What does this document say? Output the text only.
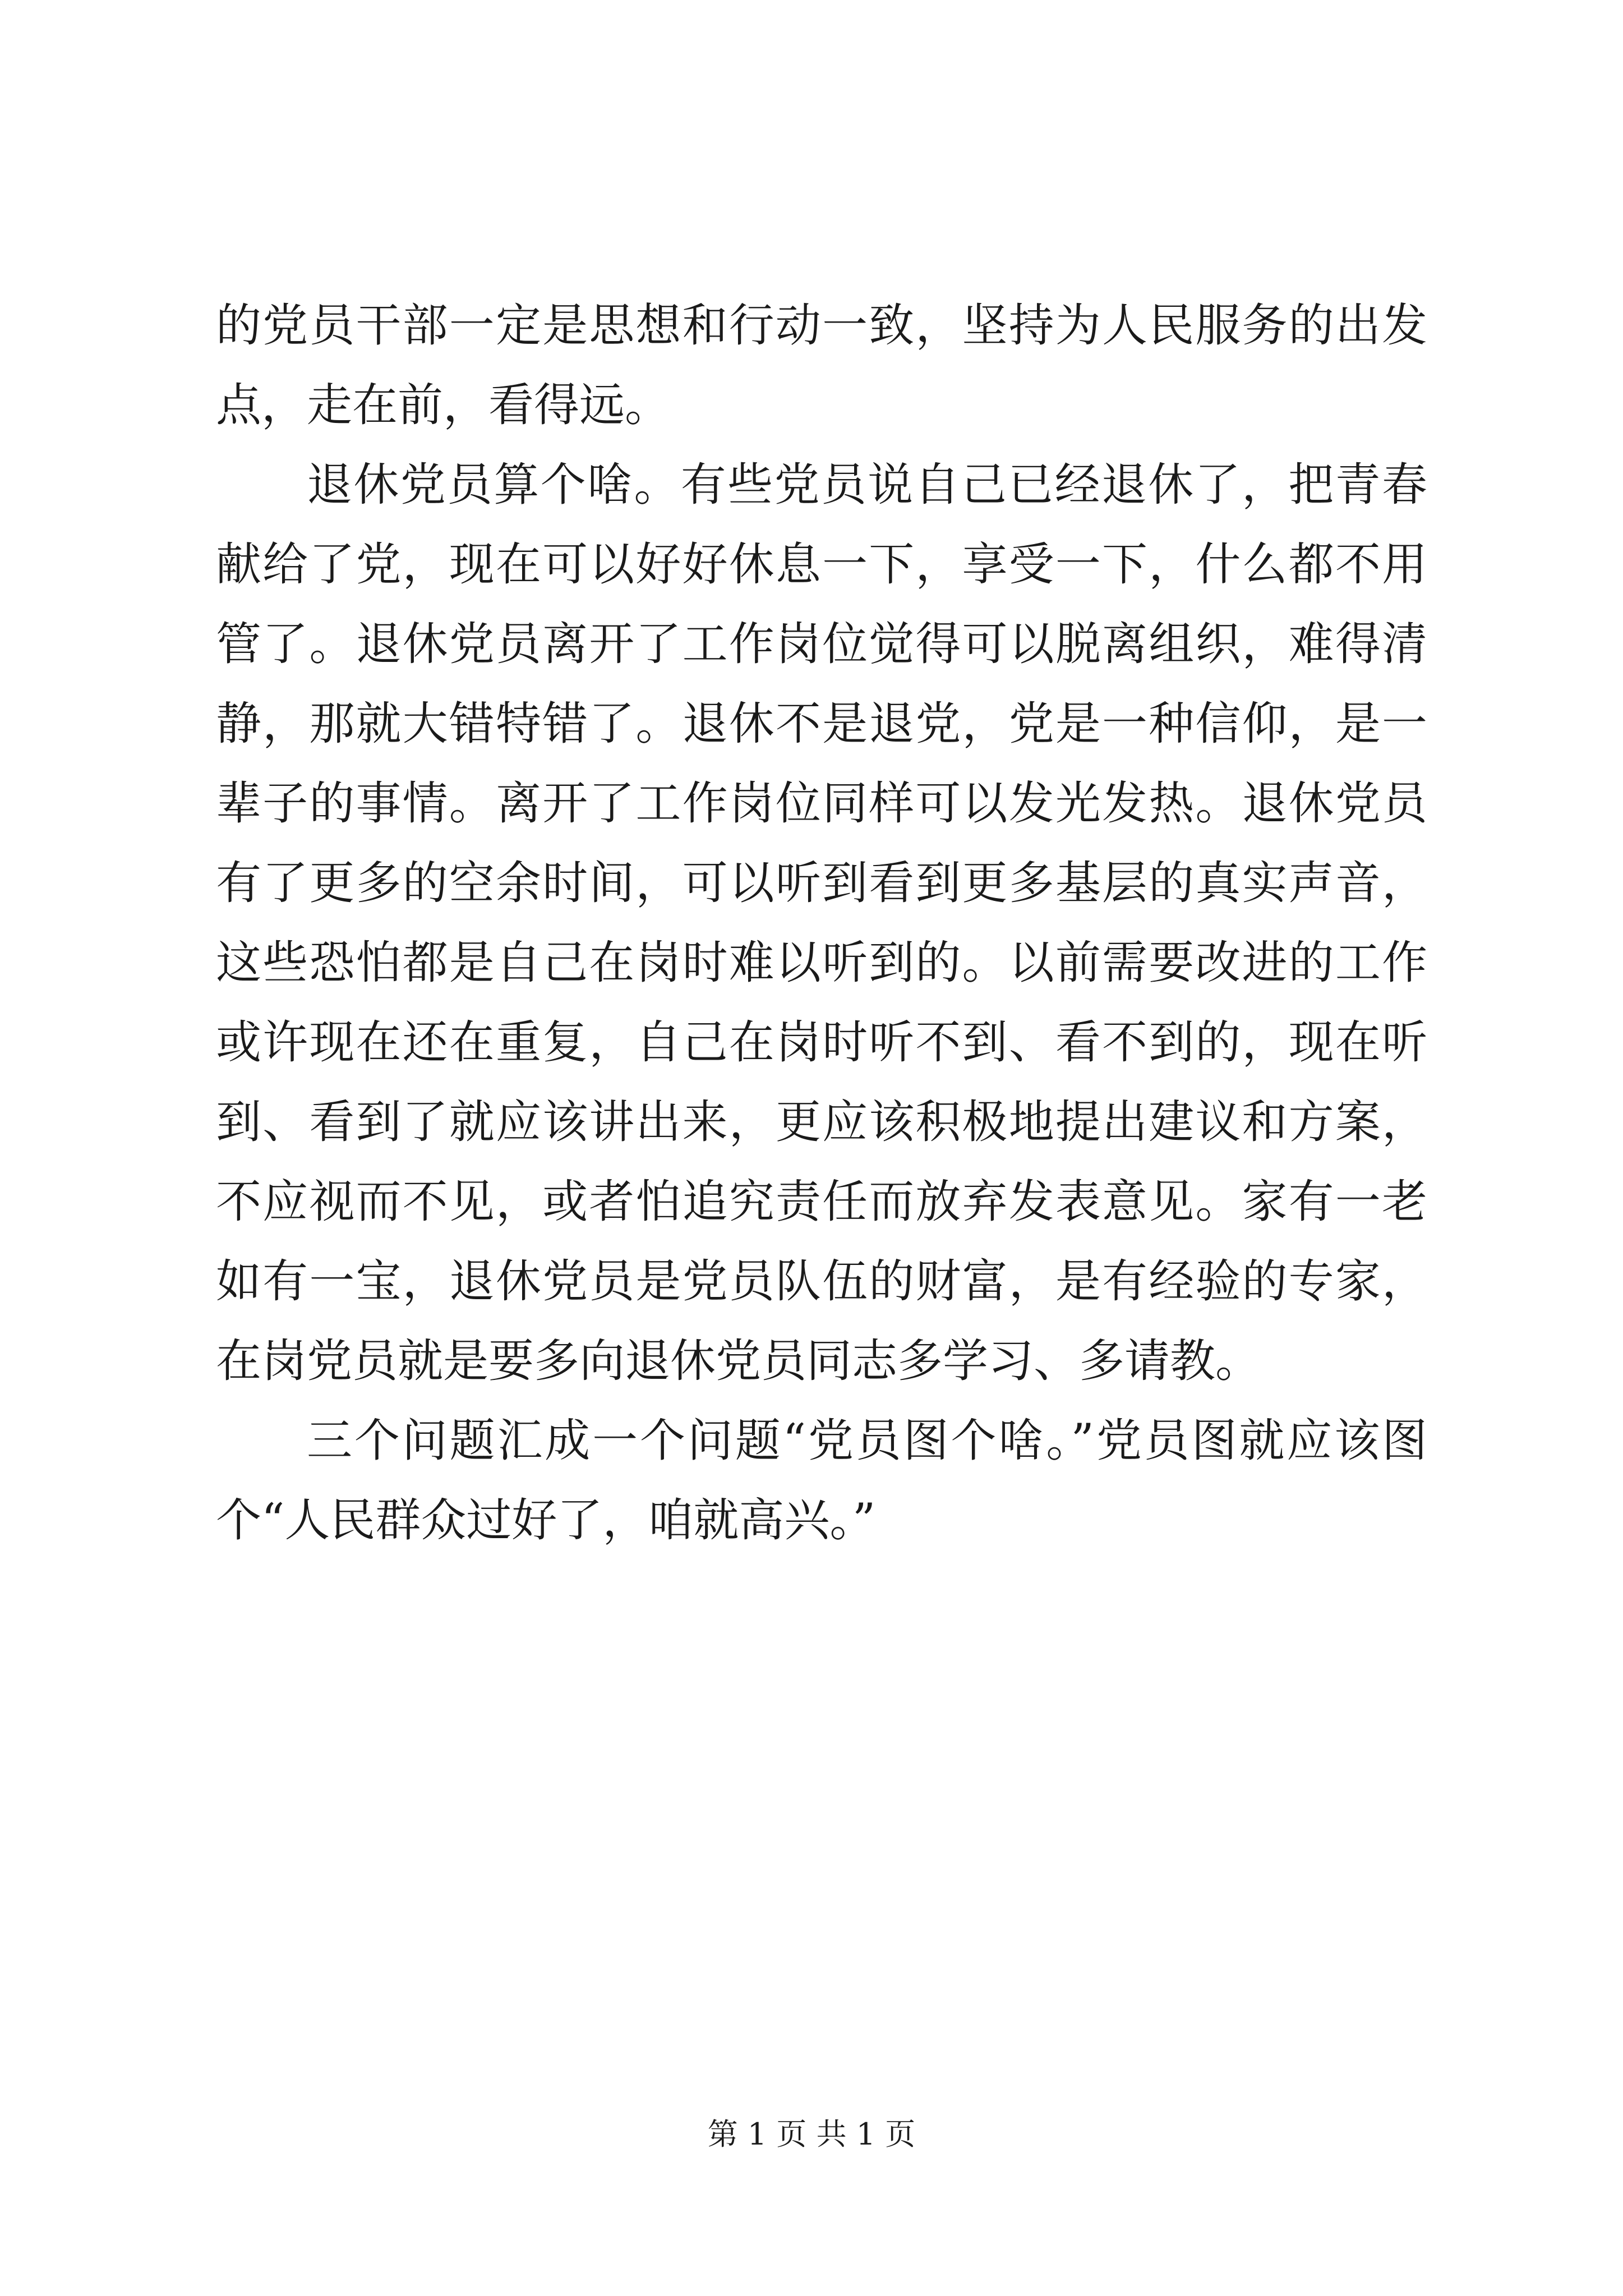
的党员干部一定是思想和行动一致，坚持为人民服务的出发点，走在前，看得远。

退休党员算个啥。有些党员说自己已经退休了，把青春献给了党，现在可以好好休息一下，享受一下，什么都不用管了。退休党员离开了工作岗位觉得可以脱离组织，难得清静，那就大错特错了。退休不是退党，党是一种信仰，是一辈子的事情。离开了工作岗位同样可以发光发热。退休党员有了更多的空余时间，可以听到看到更多基层的真实声音，这些恐怕都是自己在岗时难以听到的。以前需要改进的工作或许现在还在重复，自己在岗时听不到、看不到的，现在听到、看到了就应该讲出来，更应该积极地提出建议和方案，不应视而不见，或者怕追究责任而放弃发表意见。家有一老如有一宝，退休党员是党员队伍的财富，是有经验的专家，在岗党员就是要多向退休党员同志多学习、多请教。

三个问题汇成一个问题“党员图个啥。”党员图就应该图个“人民群众过好了，咱就高兴。”

第 1 页 共 1 页
